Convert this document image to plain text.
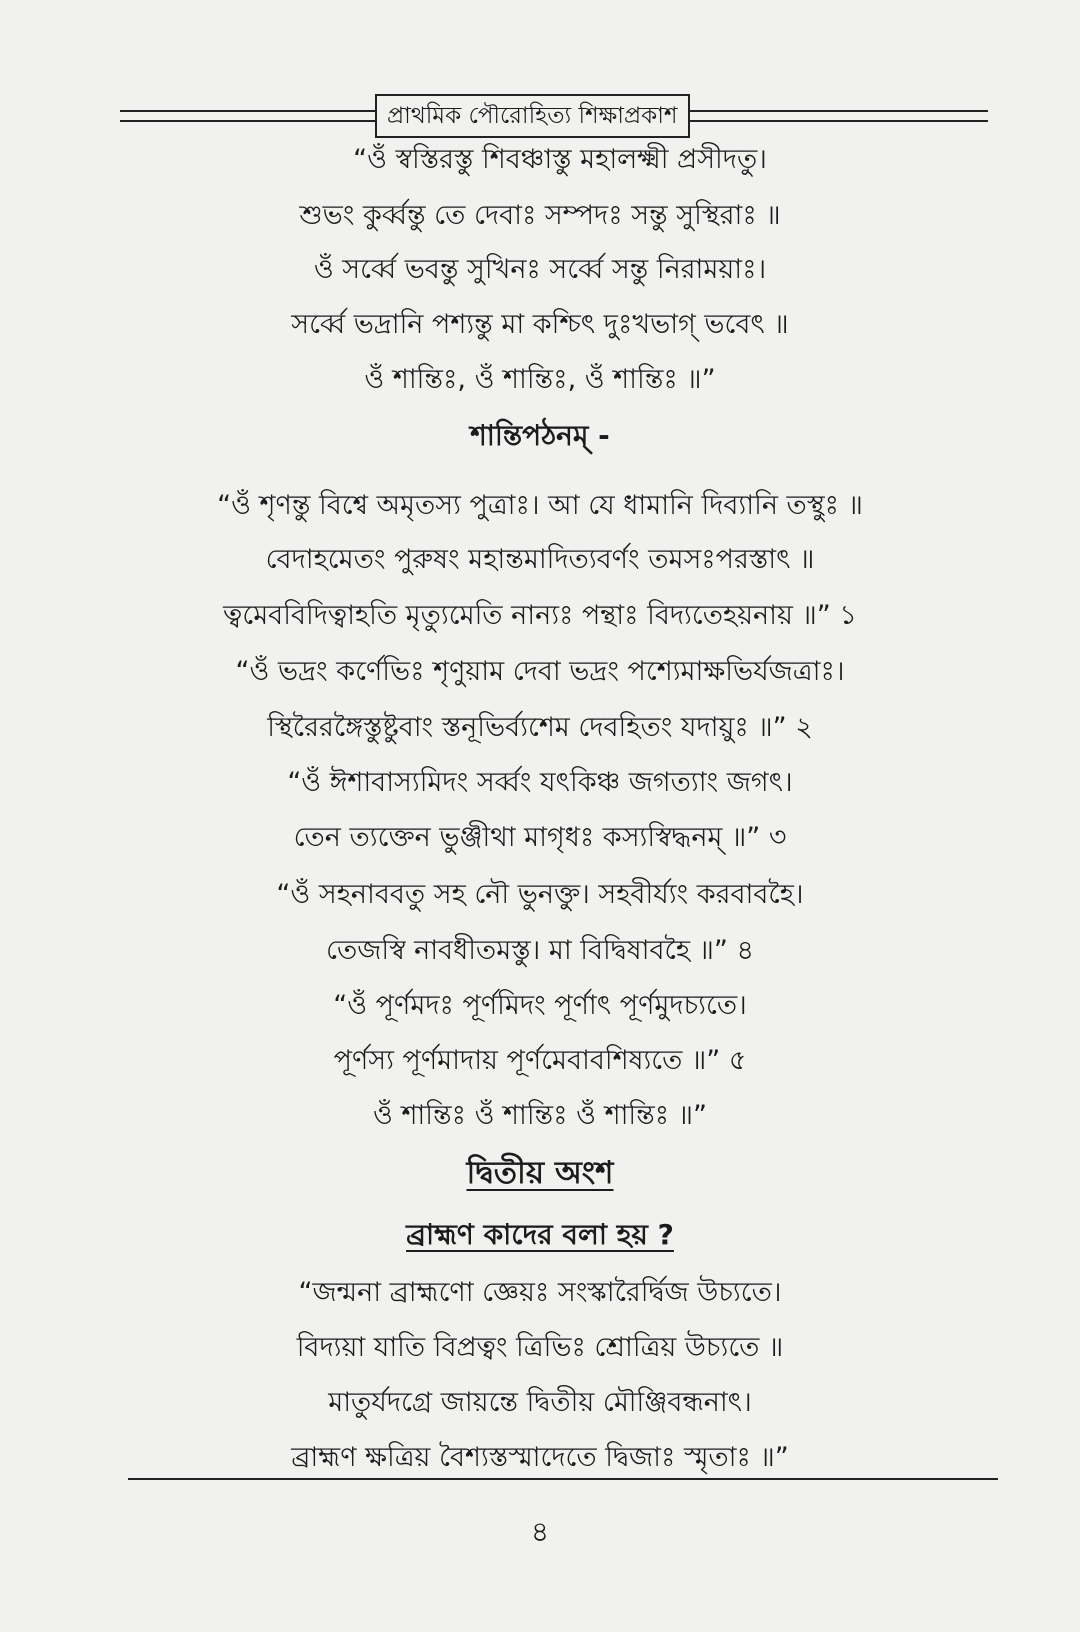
প্রাথমিক পৌরোহিত্য শিক্ষাপ্রকাশ
“ওঁ স্বস্তিরস্তু শিবঞ্চাস্তু মহালক্ষ্মী প্রসীদতু।
শুভং কুর্ব্বন্তু তে দেবাঃ সম্পদঃ সন্তু সুস্থিরাঃ ॥
ওঁ সর্ব্বে ভবন্তু সুখিনঃ সর্ব্বে সন্তু নিরাময়াঃ।
সর্ব্বে ভদ্রানি পশ্যন্তু মা কশ্চিৎ দুঃখভাগ্ ভবেৎ ॥
ওঁ শান্তিঃ, ওঁ শান্তিঃ, ওঁ শান্তিঃ ॥”
শান্তিপঠনম্ -
“ওঁ শৃণন্তু বিশ্বে অমৃতস্য পুত্রাঃ। আ যে ধামানি দিব্যানি তস্থুঃ ॥
বেদাহমেতং পুরুষং মহান্তমাদিত্যবর্ণং তমসঃপরস্তাৎ ॥
ত্বমেববিদিত্বাহতি মৃত্যুমেতি নান্যঃ পন্থাঃ বিদ্যতেহয়নায় ॥” ১
“ওঁ ভদ্রং কর্ণেভিঃ শৃণুয়াম দেবা ভদ্রং পশ্যেমাক্ষভির্যজত্রাঃ।
স্থিরৈরঙ্গৈস্তুষ্টুবাং স্তনূভির্ব্যশেম দেবহিতং যদায়ুঃ ॥” ২
“ওঁ ঈশাবাস্যমিদং সর্ব্বং যৎকিঞ্চ জগত্যাং জগৎ।
তেন ত্যক্তেন ভুঞ্জীথা মাগৃধঃ কস্যস্বিদ্ধনম্ ॥” ৩
“ওঁ সহনাববতু সহ নৌ ভুনক্তু। সহবীর্য্যং করবাবহৈ।
তেজস্বি নাবধীতমস্তু। মা বিদ্বিষাবহৈ ॥” ৪
“ওঁ পূর্ণমদঃ পূর্ণমিদং পূর্ণাৎ পূর্ণমুদচ্যতে।
পূর্ণস্য পূর্ণমাদায় পূর্ণমেবাবশিষ্যতে ॥” ৫
ওঁ শান্তিঃ ওঁ শান্তিঃ ওঁ শান্তিঃ ॥”
দ্বিতীয় অংশ
ব্রাহ্মণ কাদের বলা হয় ?
“জন্মনা ব্রাহ্মণো জ্ঞেয়ঃ সংস্কারৈর্দ্বিজ উচ্যতে।
বিদ্যয়া যাতি বিপ্রত্বং ত্রিভিঃ শ্রোত্রিয় উচ্যতে ॥
মাতুর্যদগ্রে জায়ন্তে দ্বিতীয় মৌঞ্জিবন্ধনাৎ।
ব্রাহ্মণ ক্ষত্রিয় বৈশ্যস্তস্মাদেতে দ্বিজাঃ স্মৃতাঃ ॥”
৪
